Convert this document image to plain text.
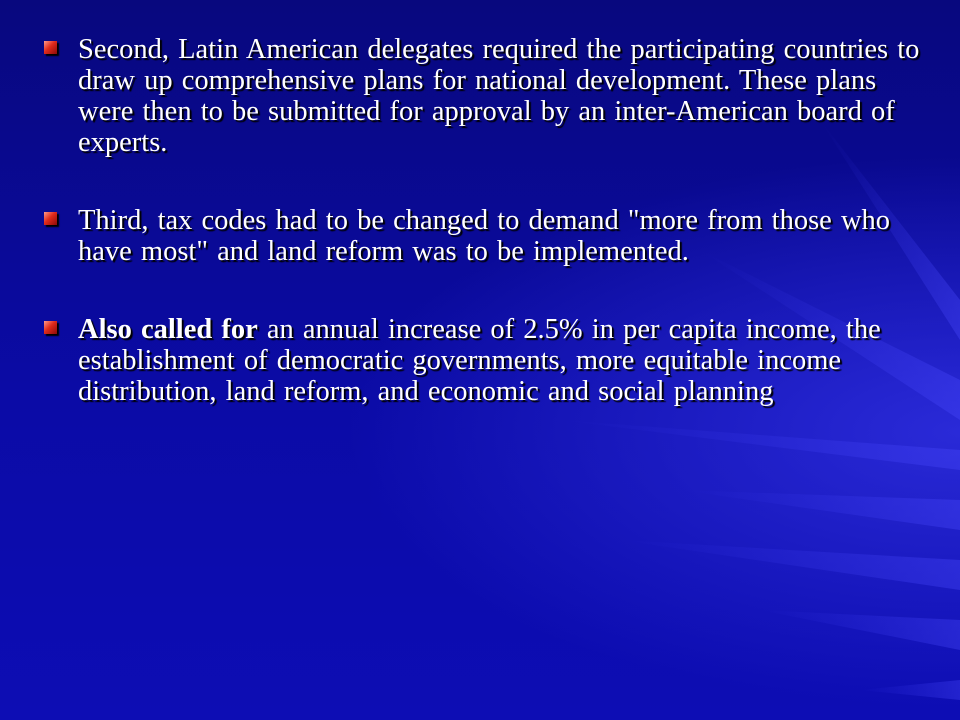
Second, Latin American delegates required the participating countries to draw up comprehensive plans for national development. These plans were then to be submitted for approval by an inter-American board of experts.
Third, tax codes had to be changed to demand "more from those who have most" and land reform was to be implemented.
Also called for an annual increase of 2.5% in per capita income, the establishment of democratic governments, more equitable income distribution, land reform, and economic and social planning
